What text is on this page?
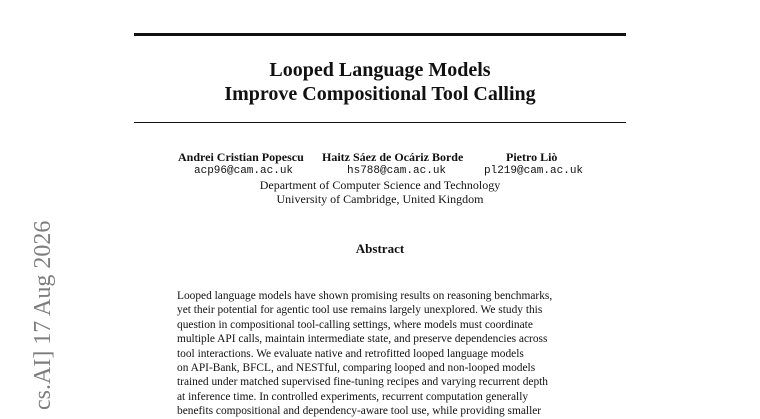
Looped Language Models
Improve Compositional Tool Calling
Andrei Cristian Popescu
acp96@cam.ac.uk
Haitz Sáez de Ocáriz Borde
hs788@cam.ac.uk
Pietro Liò
pl219@cam.ac.uk
Department of Computer Science and Technology
University of Cambridge, United Kingdom
Abstract

Looped language models have shown promising results on reasoning benchmarks,
yet their potential for agentic tool use remains largely unexplored. We study this
question in compositional tool-calling settings, where models must coordinate
multiple API calls, maintain intermediate state, and preserve dependencies across
tool interactions. We evaluate native and retrofitted looped language models
on API-Bank, BFCL, and NESTful, comparing looped and non-looped models
trained under matched supervised fine-tuning recipes and varying recurrent depth
at inference time. In controlled experiments, recurrent computation generally
benefits compositional and dependency-aware tool use, while providing smaller

cs.AI] 17 Aug 2026
